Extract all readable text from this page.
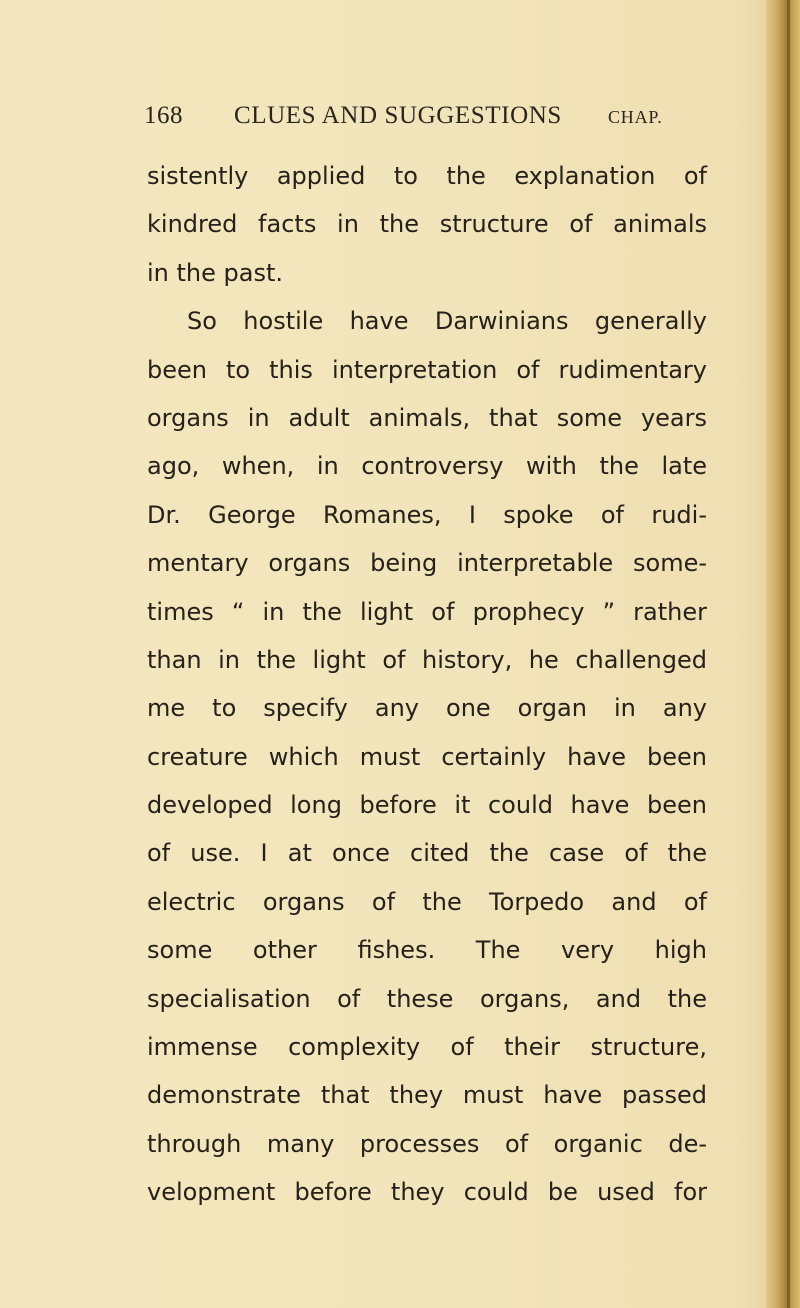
168 CLUES AND SUGGESTIONS	CHAP.
sistently applied to the explanation of
kindred facts in the structure of animals
in the past.
So hostile have Darwinians generally
been to this interpretation of rudimentary
organs in adult animals, that some years
ago, when, in controversy with the late
Dr. George Romanes, I spoke of rudi-
mentary organs being interpretable some-
times “ in the light of prophecy ” rather
than in the light of history, he challenged
me to specify any one organ in any
creature which must certainly have been
developed long before it could have been
of use. I at once cited the case of the
electric organs of the Torpedo and of
some other fishes. The very high
specialisation of these organs, and the
immense complexity of their structure,
demonstrate that they must have passed
through many processes of organic de-
velopment before they could be used for
